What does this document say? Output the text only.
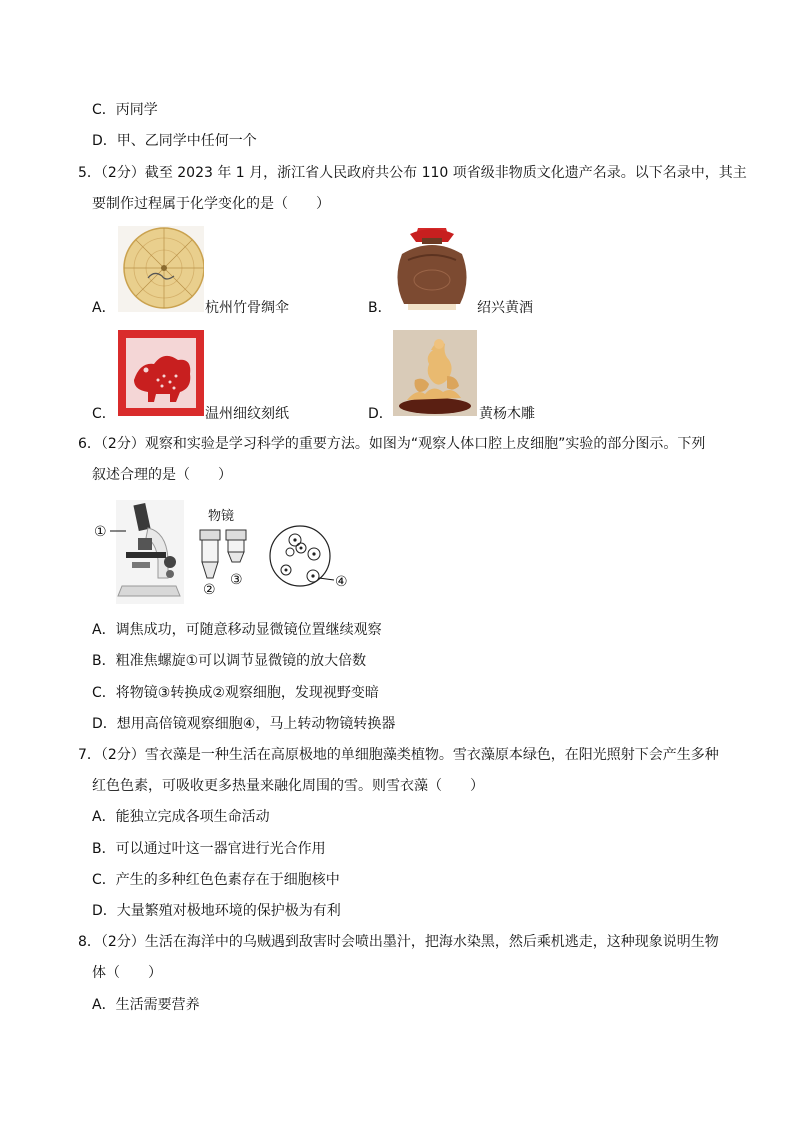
C．丙同学
D．甲、乙同学中任何一个
5．（2分）截至 2023 年 1 月，浙江省人民政府共公布 110 项省级非物质文化遗产名录。以下名录中，其主
要制作过程属于化学变化的是（　　）
A．	杭州竹骨绸伞	B．	绍兴黄酒
C．	温州细纹刻纸	D．	黄杨木雕
6．（2分）观察和实验是学习科学的重要方法。如图为“观察人体口腔上皮细胞”实验的部分图示。下列
叙述合理的是（　　）
①
物镜
②
③	④
A．调焦成功，可随意移动显微镜位置继续观察
B．粗准焦螺旋①可以调节显微镜的放大倍数
C．将物镜③转换成②观察细胞，发现视野变暗
D．想用高倍镜观察细胞④，马上转动物镜转换器
7．（2分）雪衣藻是一种生活在高原极地的单细胞藻类植物。雪衣藻原本绿色，在阳光照射下会产生多种
红色色素，可吸收更多热量来融化周围的雪。则雪衣藻（　　）
A．能独立完成各项生命活动
B．可以通过叶这一器官进行光合作用
C．产生的多种红色色素存在于细胞核中
D．大量繁殖对极地环境的保护极为有利
8．（2分）生活在海洋中的乌贼遇到敌害时会喷出墨汁，把海水染黑，然后乘机逃走，这种现象说明生物
体（　　）
A．生活需要营养
